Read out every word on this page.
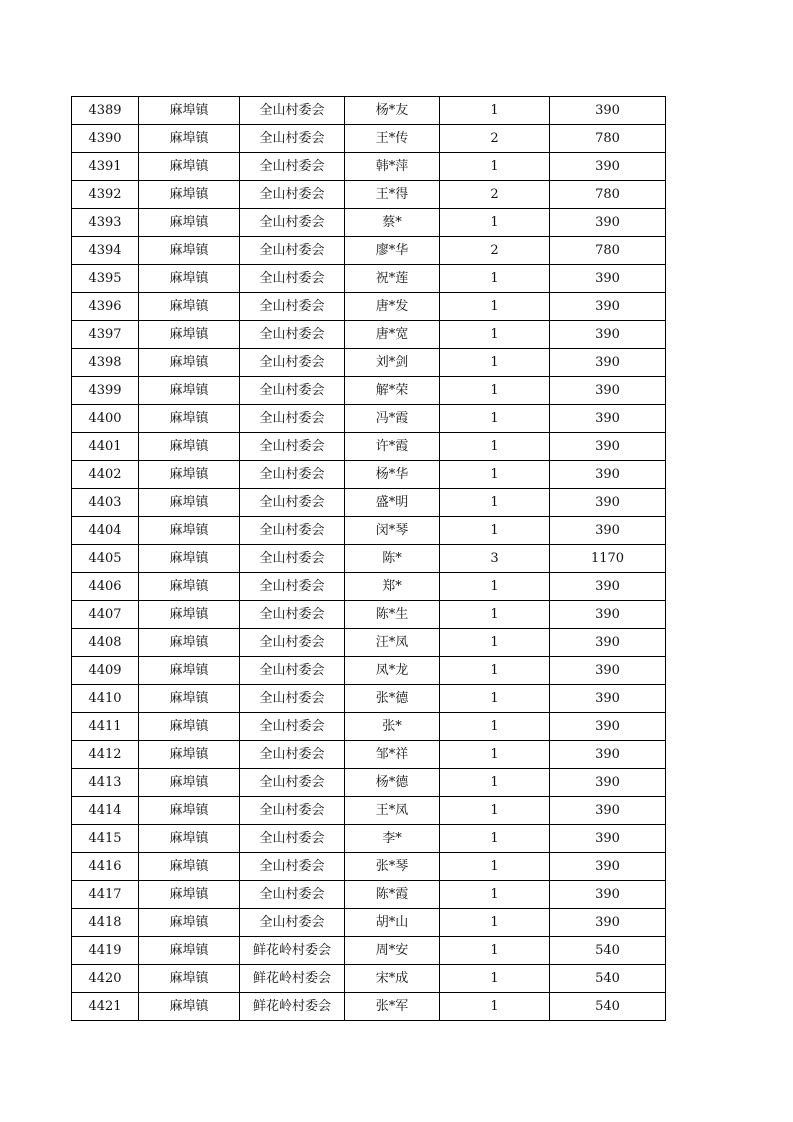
4389	麻埠镇	全山村委会	杨*友	1	390
4390	麻埠镇	全山村委会	王*传	2	780
4391	麻埠镇	全山村委会	韩*萍	1	390
4392	麻埠镇	全山村委会	王*得	2	780
4393	麻埠镇	全山村委会	蔡*	1	390
4394	麻埠镇	全山村委会	廖*华	2	780
4395	麻埠镇	全山村委会	祝*莲	1	390
4396	麻埠镇	全山村委会	唐*发	1	390
4397	麻埠镇	全山村委会	唐*宽	1	390
4398	麻埠镇	全山村委会	刘*剑	1	390
4399	麻埠镇	全山村委会	解*荣	1	390
4400	麻埠镇	全山村委会	冯*霞	1	390
4401	麻埠镇	全山村委会	许*霞	1	390
4402	麻埠镇	全山村委会	杨*华	1	390
4403	麻埠镇	全山村委会	盛*明	1	390
4404	麻埠镇	全山村委会	闵*琴	1	390
4405	麻埠镇	全山村委会	陈*	3	1170
4406	麻埠镇	全山村委会	郑*	1	390
4407	麻埠镇	全山村委会	陈*生	1	390
4408	麻埠镇	全山村委会	汪*凤	1	390
4409	麻埠镇	全山村委会	凤*龙	1	390
4410	麻埠镇	全山村委会	张*德	1	390
4411	麻埠镇	全山村委会	张*	1	390
4412	麻埠镇	全山村委会	邹*祥	1	390
4413	麻埠镇	全山村委会	杨*德	1	390
4414	麻埠镇	全山村委会	王*凤	1	390
4415	麻埠镇	全山村委会	李*	1	390
4416	麻埠镇	全山村委会	张*琴	1	390
4417	麻埠镇	全山村委会	陈*霞	1	390
4418	麻埠镇	全山村委会	胡*山	1	390
4419	麻埠镇	鲜花岭村委会	周*安	1	540
4420	麻埠镇	鲜花岭村委会	宋*成	1	540
4421	麻埠镇	鲜花岭村委会	张*军	1	540
